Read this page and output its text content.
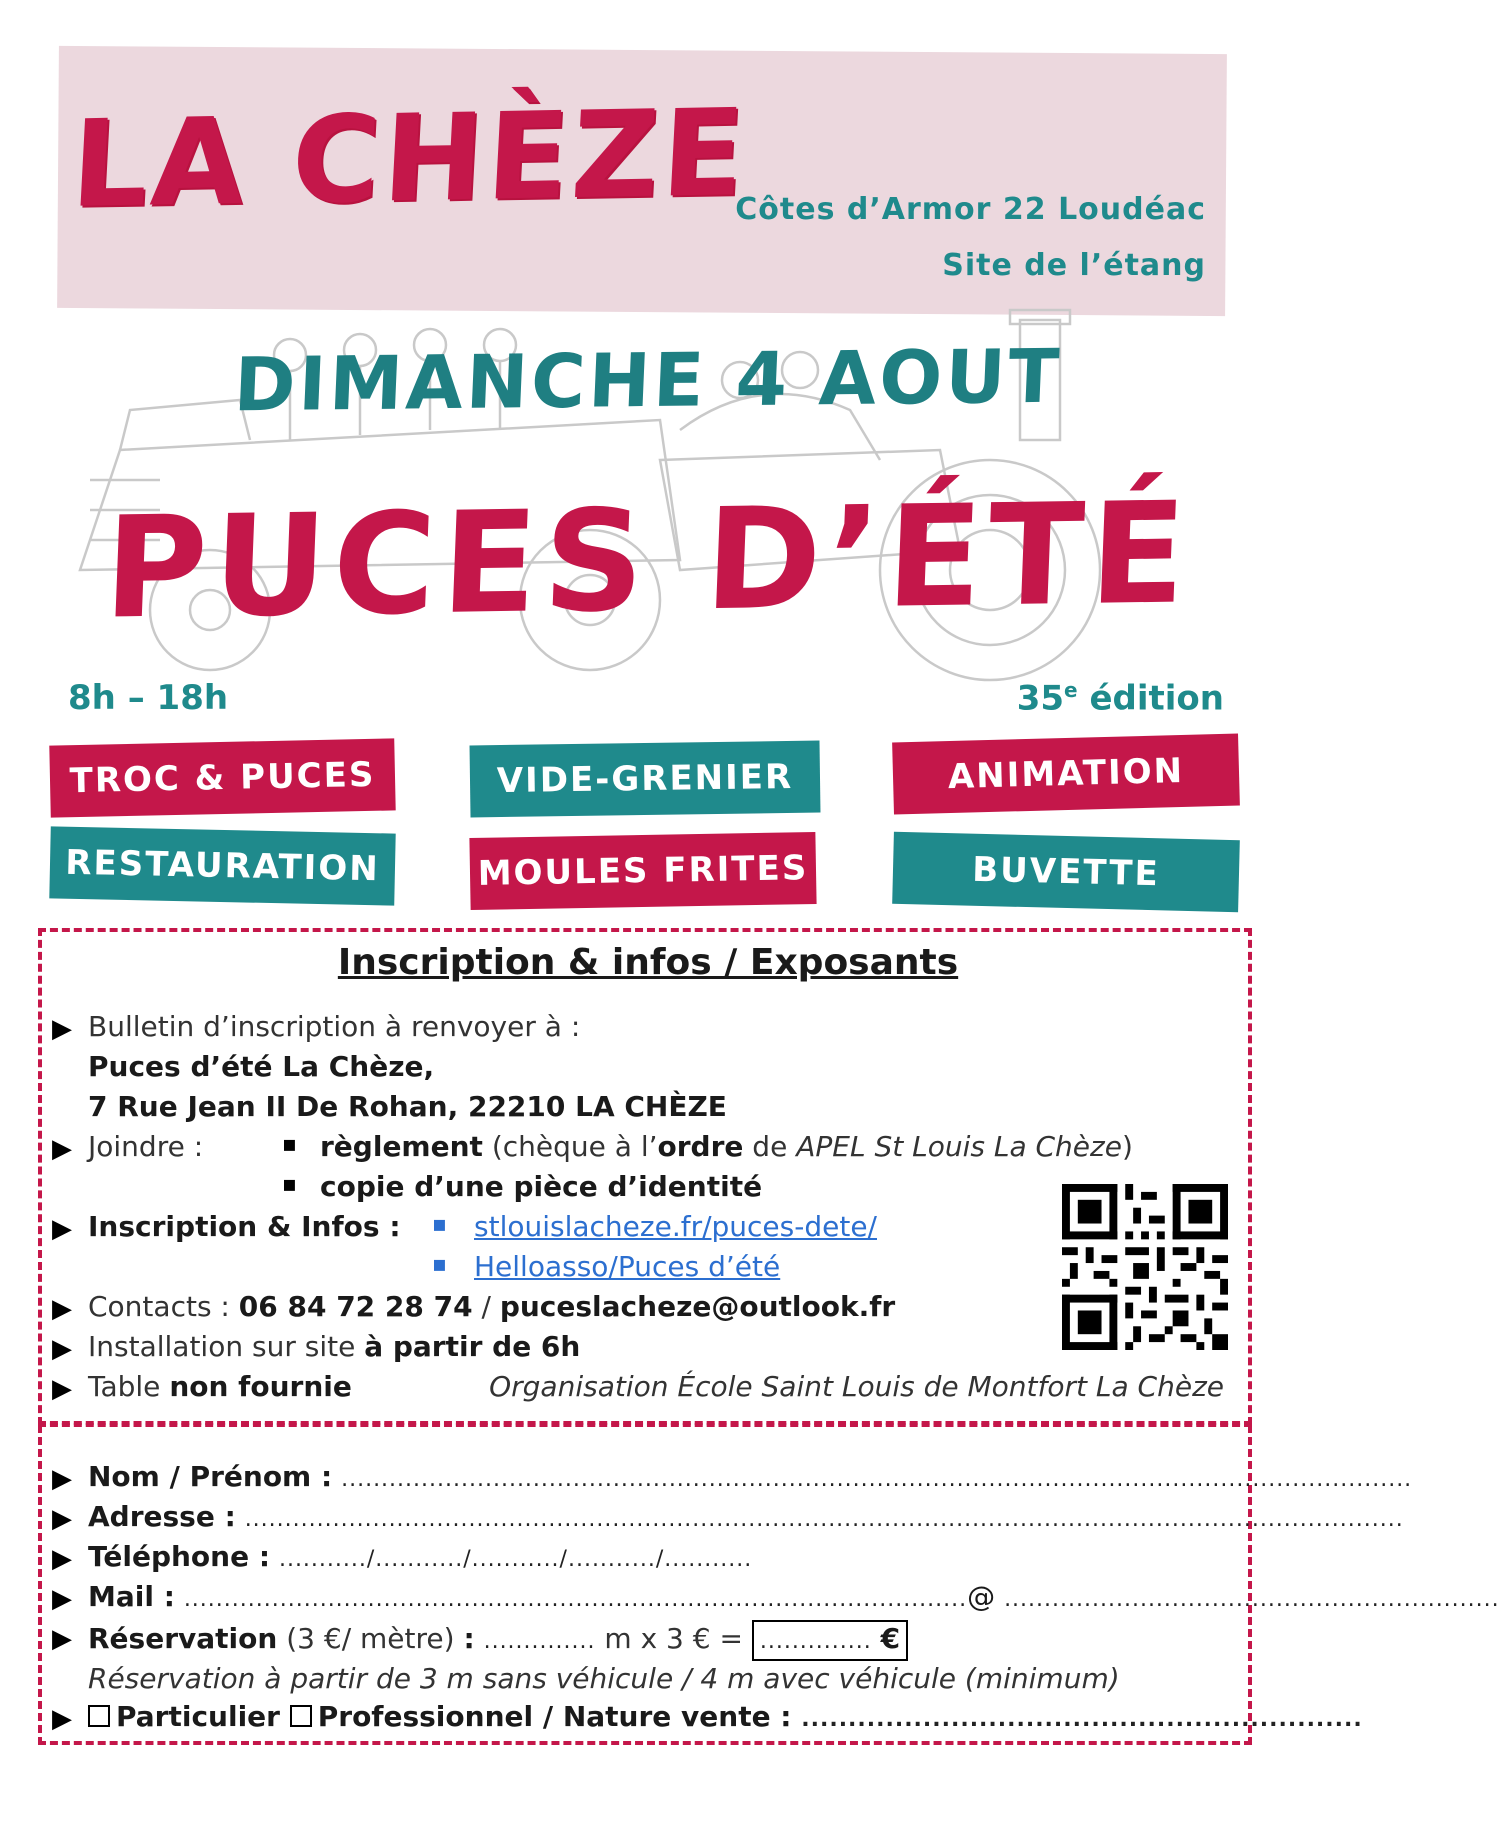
LA CHÈZE
Côtes d’Armor 22 Loudéac
Site de l’étang
DIMANCHE 4 AOUT
PUCES D’ÉTÉ
8h – 18h	35e édition
TROC & PUCES	VIDE-GRENIER	ANIMATION
RESTAURATION	MOULES FRITES	BUVETTE
Inscription & infos / Exposants
▶ Bulletin d’inscription à renvoyer à :
Puces d’été La Chèze,
7 Rue Jean II De Rohan, 22210 LA CHÈZE
▶ Joindre :	▪ règlement (chèque à l’ordre de APEL St Louis La Chèze)
▪ copie d’une pièce d’identité
▶ Inscription & Infos : ▪ stlouislacheze.fr/puces-dete/
▪ Helloasso/Puces d’été
▶ Contacts : 06 84 72 28 74 / puceslacheze@outlook.fr
▶ Installation sur site à partir de 6h
▶ Table non fournie	Organisation École Saint Louis de Montfort La Chèze
▶ Nom / Prénom : ......................................................................................................................................
▶ Adresse : .................................................................................................................................................
▶ Téléphone : .........../.........../.........../.........../...........
▶ Mail : ..................................................................................................@ ..............................................................
▶ Réservation (3 €/ mètre) : .............. m x 3 € = .............. €
Réservation à partir de 3 m sans véhicule / 4 m avec véhicule (minimum)
▶	Particulier Professionnel / Nature vente : ............................................................
